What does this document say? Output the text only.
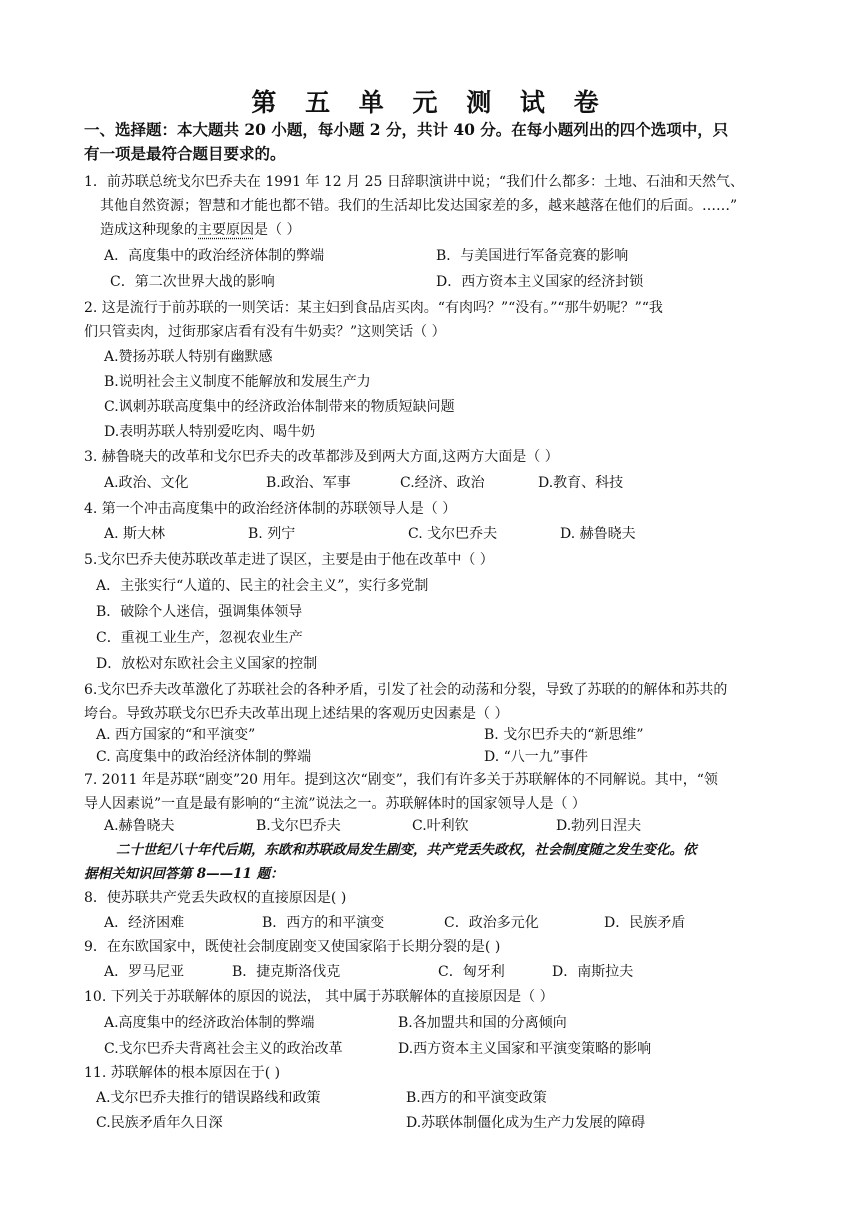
第 五 单 元 测 试 卷
一、选择题：本大题共 20 小题，每小题 2 分，共计 40 分。在每小题列出的四个选项中，只
有一项是最符合题目要求的。
1．前苏联总统戈尔巴乔夫在 1991 年 12 月 25 日辞职演讲中说；“我们什么都多：土地、石油和天然气、
其他自然资源；智慧和才能也都不错。我们的生活却比发达国家差的多，越来越落在他们的后面。……”
造成这种现象的主要原因是（ ）
A．高度集中的政治经济体制的弊端	B．与美国进行军备竞赛的影响
C．第二次世界大战的影响	D．西方资本主义国家的经济封锁
2. 这是流行于前苏联的一则笑话：某主妇到食品店买肉。“有肉吗？”“没有。”“那牛奶呢？”“我
们只管卖肉，过街那家店看有没有牛奶卖？”这则笑话（ ）
A.赞扬苏联人特别有幽默感
B.说明社会主义制度不能解放和发展生产力
C.讽刺苏联高度集中的经济政治体制带来的物质短缺问题
D.表明苏联人特别爱吃肉、喝牛奶
3. 赫鲁晓夫的改革和戈尔巴乔夫的改革都涉及到两大方面,这两方大面是（ ）
A.政治、文化	B.政治、军事	C.经济、政治	D.教育、科技
4. 第一个冲击高度集中的政治经济体制的苏联领导人是（ ）
A. 斯大林	B. 列宁	C. 戈尔巴乔夫	D. 赫鲁晓夫
5.戈尔巴乔夫使苏联改革走进了误区，主要是由于他在改革中（ ）
A．主张实行“人道的、民主的社会主义”，实行多党制
B．破除个人迷信，强调集体领导
C．重视工业生产，忽视农业生产
D．放松对东欧社会主义国家的控制
6.戈尔巴乔夫改革激化了苏联社会的各种矛盾，引发了社会的动荡和分裂，导致了苏联的的解体和苏共的
垮台。导致苏联戈尔巴乔夫改革出现上述结果的客观历史因素是（ ）
A. 西方国家的“和平演变”	B. 戈尔巴乔夫的“新思维”
C. 高度集中的政治经济体制的弊端	D. “八一九”事件
7. 2011 年是苏联“剧变”20 用年。提到这次“剧变”，我们有许多关于苏联解体的不同解说。其中，“领
导人因素说”一直是最有影响的“主流”说法之一。苏联解体时的国家领导人是（ ）
A.赫鲁晓夫	B.戈尔巴乔夫	C.叶利钦	D.勃列日涅夫
二十世纪八十年代后期，东欧和苏联政局发生剧变，共产党丢失政权，社会制度随之发生变化。依
据相关知识回答第 8——11 题：
8．使苏联共产党丢失政权的直接原因是( )
A．经济困难	B．西方的和平演变	C．政治多元化	D．民族矛盾
9．在东欧国家中，既使社会制度剧变又使国家陷于长期分裂的是( )
A．罗马尼亚	B．捷克斯洛伐克	C．匈牙利	D．南斯拉夫
10. 下列关于苏联解体的原因的说法， 其中属于苏联解体的直接原因是（ ）
A.高度集中的经济政治体制的弊端	B.各加盟共和国的分离倾向
C.戈尔巴乔夫背离社会主义的政治改革	D.西方资本主义国家和平演变策略的影响
11. 苏联解体的根本原因在于( )
A.戈尔巴乔夫推行的错误路线和政策	B.西方的和平演变政策
C.民族矛盾年久日深	D.苏联体制僵化成为生产力发展的障碍
